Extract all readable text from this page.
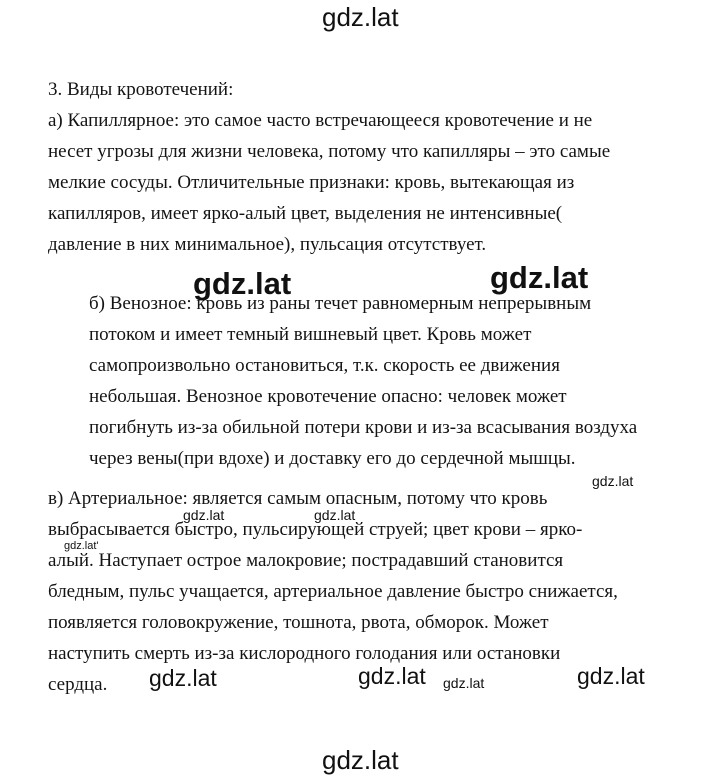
gdz.lat
3. Виды кровотечений:
а) Капиллярное: это самое часто встречающееся кровотечение и не
несет угрозы для жизни человека, потому что капилляры – это самые
мелкие сосуды. Отличительные признаки: кровь, вытекающая из
капилляров, имеет ярко-алый цвет, выделения не интенсивные(
давление в них минимальное), пульсация отсутствует.
б) Венозное: кровь из раны течет равномерным непрерывным
потоком и имеет темный вишневый цвет. Кровь может
самопроизвольно остановиться, т.к. скорость ее движения
небольшая. Венозное кровотечение опасно: человек может
погибнуть из-за обильной потери крови и из-за всасывания воздуха
через вены(при вдохе) и доставку его до сердечной мышцы.
в) Артериальное: является самым опасным, потому что кровь
выбрасывается быстро, пульсирующей струей; цвет крови – ярко-
алый. Наступает острое малокровие; пострадавший становится
бледным, пульс учащается, артериальное давление быстро снижается,
появляется головокружение, тошнота, рвота, обморок. Может
наступить смерть из-за кислородного голодания или остановки
сердца.
gdz.lat	gdz.lat
gdz.lat
gdz.lat	gdz.lat
gdz.lat'
gdz.lat
gdz.lat	gdz.lat	gdz.lat
gdz.lat
